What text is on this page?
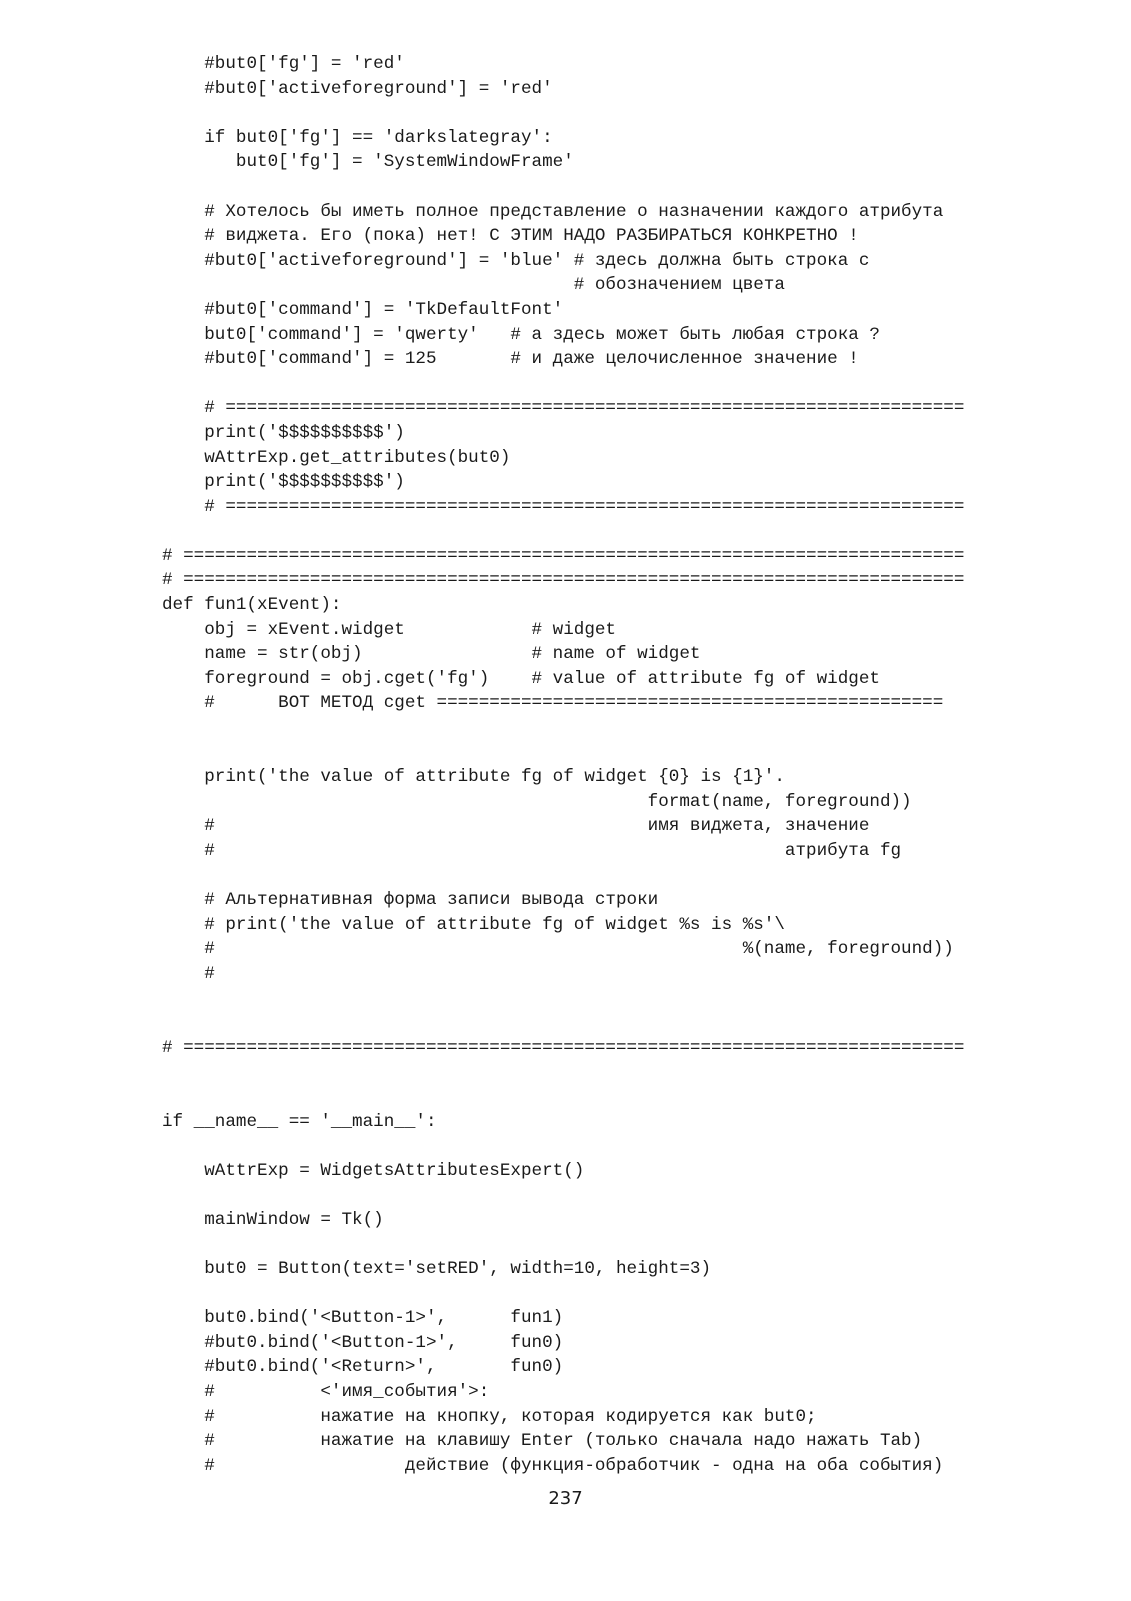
#but0['fg'] = 'red'
#but0['activeforeground'] = 'red'
if but0['fg'] == 'darkslategray':
but0['fg'] = 'SystemWindowFrame'
# Хотелось бы иметь полное представление о назначении каждого атрибута
# виджета. Его (пока) нет! С ЭТИМ НАДО РАЗБИРАТЬСЯ КОНКРЕТНО !
#but0['activeforeground'] = 'blue' # здесь должна быть строка с
# обозначением цвета
#but0['command'] = 'TkDefaultFont'
but0['command'] = 'qwerty'   # а здесь может быть любая строка ?
#but0['command'] = 125       # и даже целочисленное значение !
# ======================================================================
print('$$$$$$$$$$')
wAttrExp.get_attributes(but0)
print('$$$$$$$$$$')
# ======================================================================
# ==========================================================================
# ==========================================================================
def fun1(xEvent):
obj = xEvent.widget            # widget
name = str(obj)                # name of widget
foreground = obj.cget('fg')    # value of attribute fg of widget
#      ВОТ МЕТОД cget ================================================
print('the value of attribute fg of widget {0} is {1}'.
format(name, foreground))
#                                         имя виджета, значение
#                                                      атрибута fg
# Альтернативная форма записи вывода строки
# print('the value of attribute fg of widget %s is %s'\
#                                                  %(name, foreground))
#
# ==========================================================================
if __name__ == '__main__':
wAttrExp = WidgetsAttributesExpert()
mainWindow = Tk()
but0 = Button(text='setRED', width=10, height=3)
but0.bind('<Button-1>',      fun1)
#but0.bind('<Button-1>',     fun0)
#but0.bind('<Return>',       fun0)
#          <'имя_события'>:
#          нажатие на кнопку, которая кодируется как but0;
#          нажатие на клавишу Enter (только сначала надо нажать Tab)
#                  действие (функция-обработчик - одна на оба события)
237
